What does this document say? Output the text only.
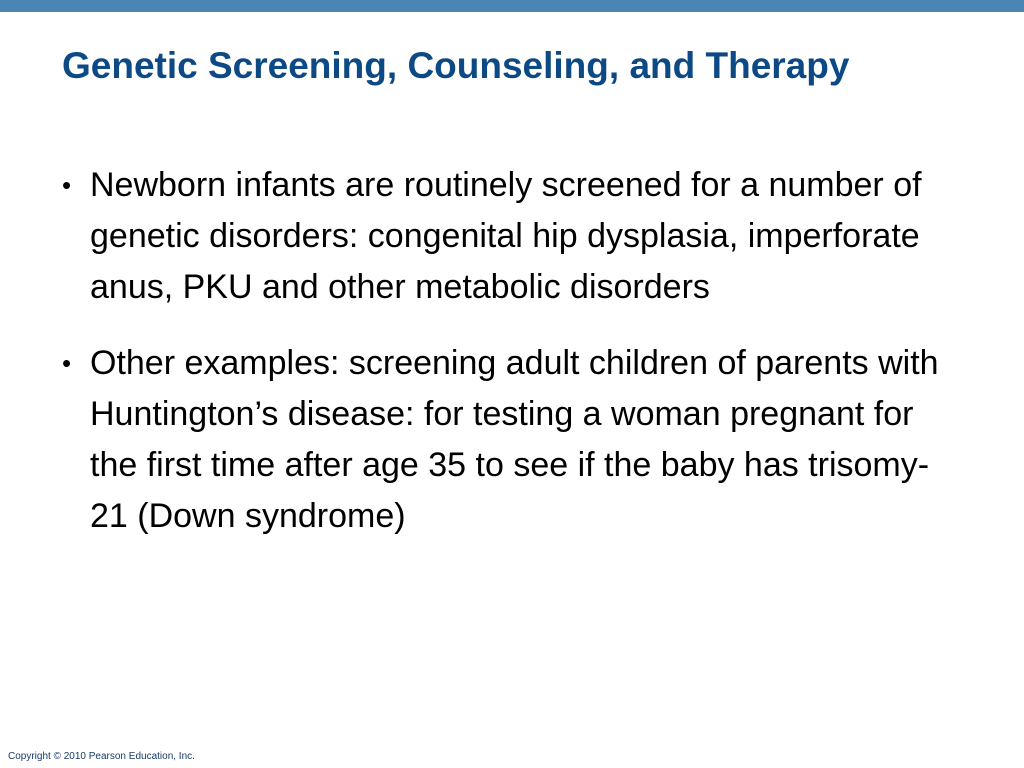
Genetic Screening, Counseling, and Therapy
• Newborn infants are routinely screened for a number of genetic disorders: congenital hip dysplasia, imperforate anus, PKU and other metabolic disorders
• Other examples: screening adult children of parents with Huntington’s disease: for testing a woman pregnant for the first time after age 35 to see if the baby has trisomy-21 (Down syndrome)
Copyright © 2010 Pearson Education, Inc.
